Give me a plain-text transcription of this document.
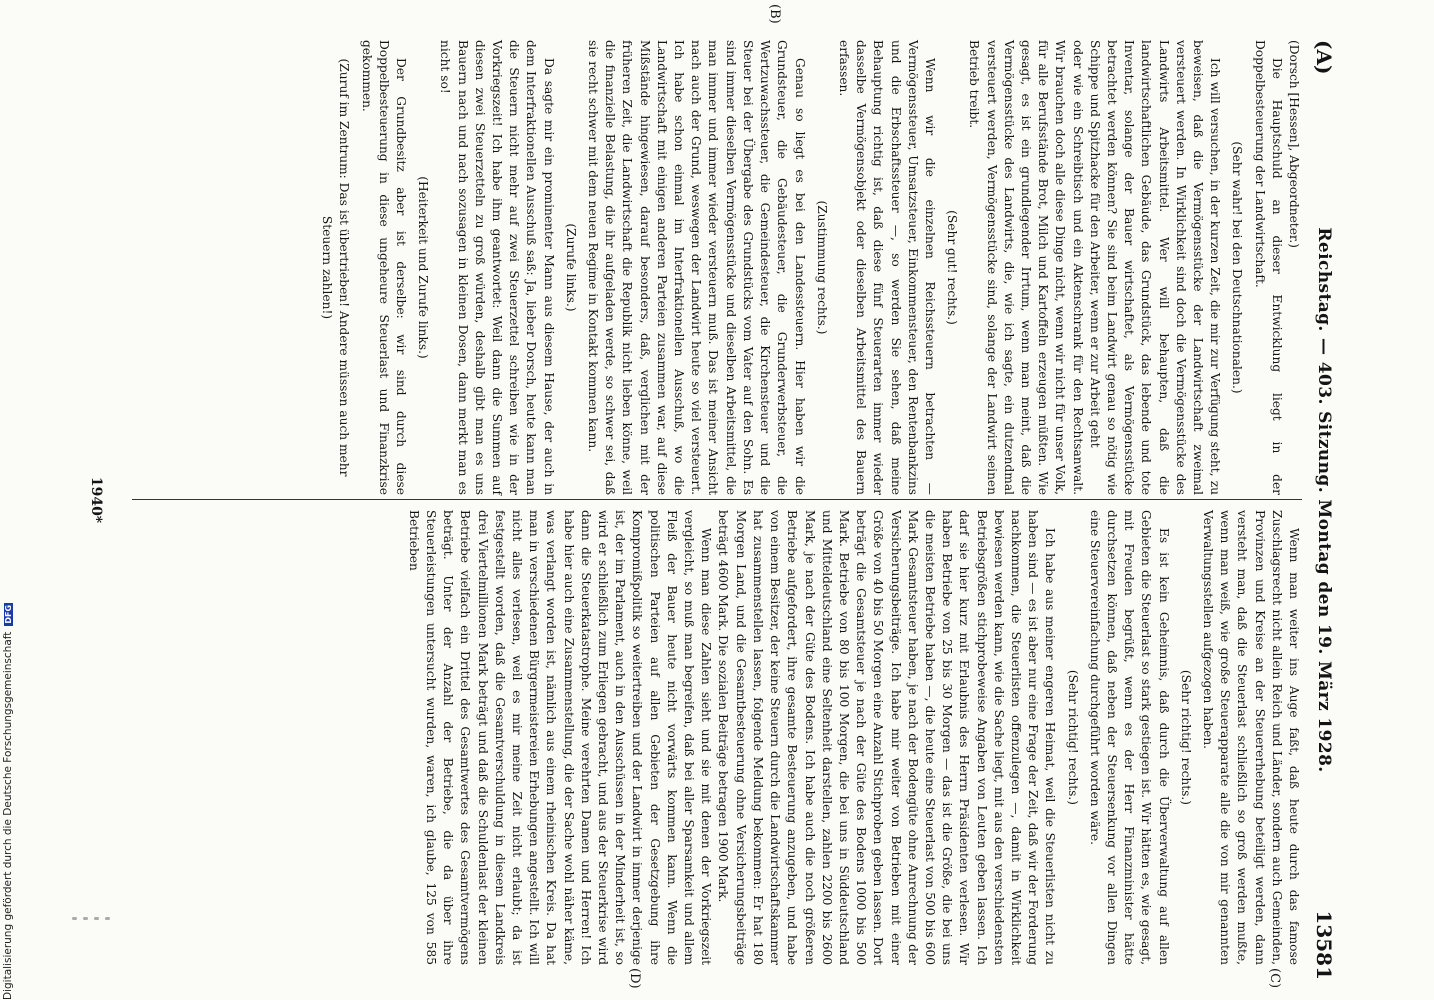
Digitalisierung gefördert durch die Deutsche ForschungsgemeinschaftDFG
(A)
Reichstag. — 403. Sitzung. Montag den 19. März 1928.
13581

(Dorsch [Hessen], Abgeordneter.)

Die Hauptschuld an dieser Entwicklung liegt in der Doppelbesteuerung der Landwirtschaft.

(Sehr wahr! bei den Deutschnationalen.)

Ich will versuchen, in der kurzen Zeit, die mir zur Verfügung steht, zu beweisen, daß die Vermögensstücke der Landwirtschaft zweimal versteuert werden. In Wirklichkeit sind doch die Vermögensstücke des Landwirts Arbeitsmittel. Wer will behaupten, daß die landwirtschaftlichen Gebäude, das Grundstück, das lebende und tote Inventar, solange der Bauer wirtschaftet, als Vermögensstücke betrachtet werden können? Sie sind beim Landwirt genau so nötig wie Schippe und Spitzhacke für den Arbeiter, wenn er zur Arbeit geht

oder wie ein Schreibtisch und ein Aktenschrank für den Rechtsanwalt. Wir brauchen doch alle diese Dinge nicht, wenn wir nicht für unser Volk, für alle Berufsstände Brot, Milch und Kartoffeln erzeugen müßten. Wie gesagt, es ist ein grundlegender Irrtum, wenn man meint, daß die Vermögensstücke des Landwirts, die, wie ich sagte, ein dutzendmal versteuert werden, Vermögensstücke sind, solange der Landwirt seinen Betrieb treibt.

(Sehr gut! rechts.)

Wenn wir die einzelnen Reichssteuern betrachten — Vermögenssteuer, Umsatzsteuer, Einkommensteuer, den Rentenbankzins und die Erbschaftssteuer —, so werden Sie sehen, daß meine Behauptung richtig ist, daß diese fünf Steuerarten immer wieder dasselbe Vermögensobjekt oder dieselben Arbeitsmittel des Bauern erfassen.

(Zustimmung rechts.)

Genau so liegt es bei den Landessteuern. Hier haben wir die Grundsteuer, die Gebäudesteuer, die Grunderwerbsteuer, die Wertzuwachssteuer, die Gemeindesteuer, die Kirchensteuer und die Steuer bei der Übergabe des Grundstücks vom Vater auf den Sohn. Es sind immer dieselben Vermögensstücke und dieselben Arbeitsmittel, die man immer und immer wieder versteuern muß. Das ist meiner Ansicht nach auch der Grund, weswegen der Landwirt heute so viel versteuert. Ich habe schon einmal im Interfraktionellen Ausschuß, wo die Landwirtschaft mit einigen anderen Parteien zusammen war, auf diese Mißstände hingewiesen, darauf besonders, daß, verglichen mit der früheren Zeit, die Landwirtschaft die Republik nicht lieben könne, weil die finanzielle Belastung, die ihr aufgeladen werde, so schwer sei, daß sie recht schwer mit dem neuen Regime in Kontakt kommen kann.

(Zurufe links.)

Da sagte mir ein prominenter Mann aus diesem Hause, der auch in dem Interfraktionellen Ausschuß saß: Ja, lieber Dorsch, heute kann man die Steuern nicht mehr auf zwei Steuerzettel schreiben wie in der Vorkriegszeit! Ich habe ihm geantwortet: Weil dann die Summen auf diesen zwei Steuerzetteln zu groß würden, deshalb gibt man es uns Bauern nach und nach sozusagen in kleinen Dosen, dann merkt man es nicht so!

(Heiterkeit und Zurufe links.)

Der Grundbesitz aber ist derselbe: wir sind durch diese Doppelbesteuerung in diese ungeheure Steuerlast und Finanzkrise gekommen.

(Zuruf im Zentrum: Das ist übertrieben! Andere müssen auch mehr Steuern zahlen!)

Wenn man weiter ins Auge faßt, daß heute durch das famose Zuschlagsrecht nicht allein Reich und Länder, sondern auch Gemeinden, Provinzen und Kreise an der Steuererhebung beteiligt werden, dann versteht man, daß die Steuerlast schließlich so groß werden mußte, wenn man weiß, wie große Steuerapparate alle die von mir genannten Verwaltungsstellen aufgezogen haben.

(Sehr richtig! rechts.)

Es ist kein Geheimnis, daß durch die Überverwaltung auf allen Gebieten die Steuerlast so stark gestiegen ist. Wir hätten es, wie gesagt, mit Freuden begrüßt, wenn es der Herr Finanzminister hätte durchsetzen können, daß neben der Steuersenkung vor allen Dingen eine Steuervereinfachung durchgeführt worden wäre.

(Sehr richtig! rechts.)

Ich habe aus meiner engeren Heimat, weil die Steuerlisten nicht zu haben sind — es ist aber nur eine Frage der Zeit, daß wir der Forderung nachkommen, die Steuerlisten offenzulegen —, damit in Wirklichkeit bewiesen werden kann, wie die Sache liegt, mit aus den verschiedensten Betriebsgrößen stichprobeweise Angaben von Leuten geben lassen. Ich darf sie hier kurz mit Erlaubnis des Herrn Präsidenten verlesen. Wir haben Betriebe von 25 bis 30 Morgen — das ist die Größe, die bei uns die meisten Betriebe haben —, die heute eine Steuerlast von 500 bis 600 Mark Gesamtsteuer haben, je nach der Bodengüte ohne Anrechnung der Versicherungsbeiträge. Ich habe mir weiter von Betrieben mit einer Größe von 40 bis 50 Morgen eine Anzahl Stichproben geben lassen. Dort beträgt die Gesamtsteuer je nach der Güte des Bodens 1000 bis 500 Mark. Betriebe von 80 bis 100 Morgen, die bei uns in Süddeutschland und Mitteldeutschland eine Seltenheit darstellen, zahlen 2200 bis 2600 Mark, je nach der Güte des Bodens. Ich habe auch die noch größeren Betriebe aufgefordert, ihre gesamte Besteuerung anzugeben, und habe von einem Besitzer, der keine Steuern durch die Landwirtschaftskammer hat zusammenstellen lassen, folgende Meldung bekommen: Er hat 180 Morgen Land, und die Gesamtbesteuerung ohne Versicherungsbeiträge beträgt 4600 Mark. Die sozialen Beiträge betragen 1900 Mark.

Wenn man diese Zahlen sieht und sie mit denen der Vorkriegszeit vergleicht, so muß man begreifen, daß bei aller Sparsamkeit und allem Fleiß der Bauer heute nicht vorwärts kommen kann. Wenn die politischen Parteien auf allen Gebieten der Gesetzgebung ihre Kompromißpolitik so weitertreiben und der Landwirt in immer derjenige ist, der im Parlament, auch in den Ausschüssen in der Minderheit ist, so wird er schließlich zum Erliegen gebracht, und aus der Steuerkrise wird dann die Steuerkatastrophe. Meine verehrten Damen und Herren! Ich habe hier auch eine Zusammenstellung, die der Sache wohl näher käme, was verlangt worden ist, nämlich aus einem rheinischen Kreis. Da hat man in verschiedenen Bürgermeistereien Erhebungen angestellt. Ich will nicht alles verlesen, weil es mir meine Zeit nicht erlaubt; da ist festgestellt worden, daß die Gesamtverschuldung in diesem Landkreis drei Viertelmillionen Mark beträgt und daß die Schuldenlast der kleinen Betriebe vielfach ein Drittel des Gesamtwertes des Gesamtvermögens beträgt. Unter der Anzahl der Betriebe, die da über ihre Steuerleistungen untersucht wurden, waren, ich glaube, 125 von 585 Betrieben

(B)
(C)
(D)
1940*
